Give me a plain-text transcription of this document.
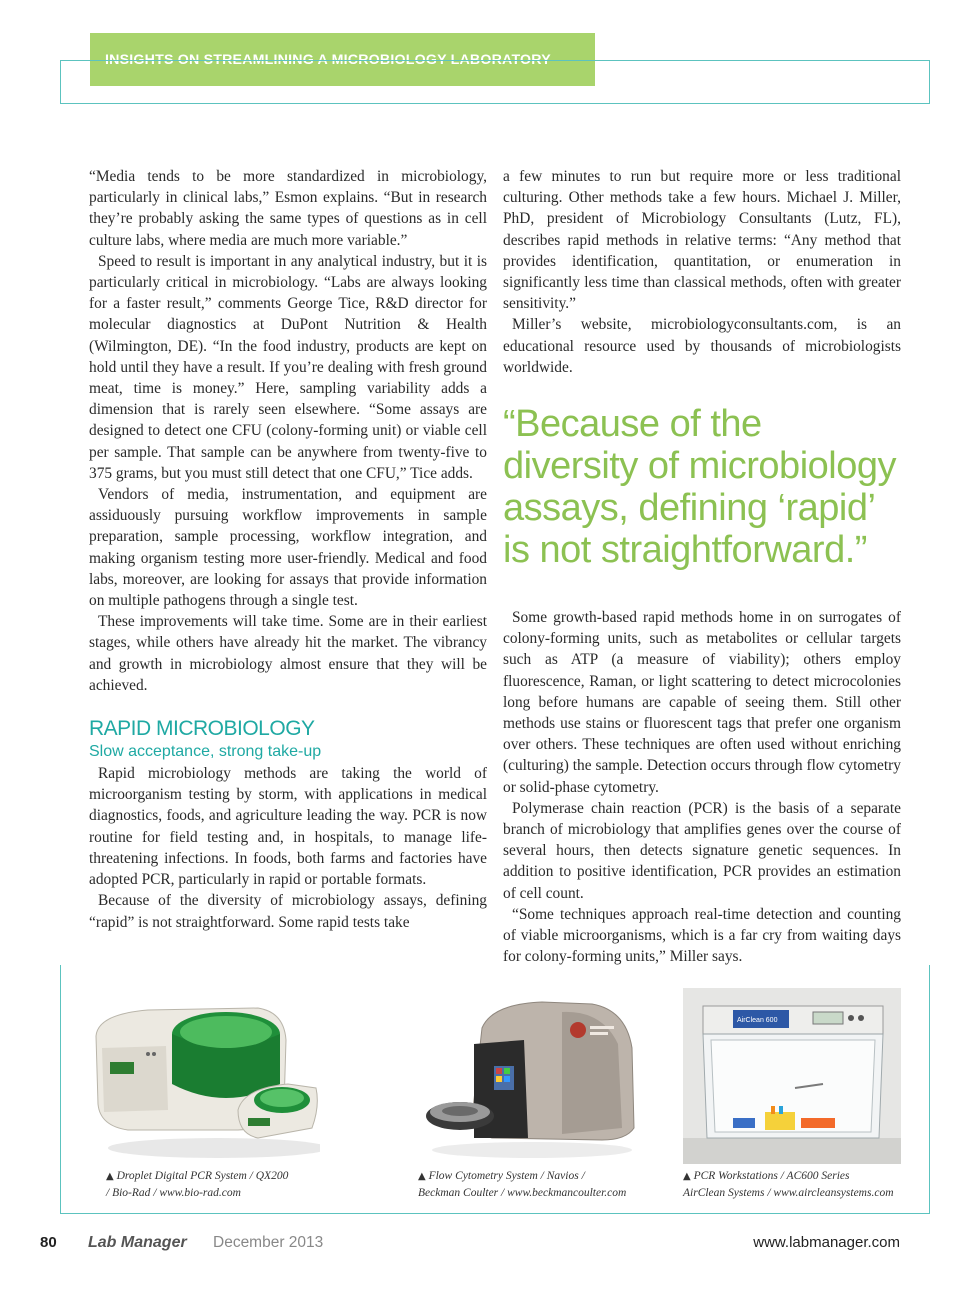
INSIGHTS ON STREAMLINING A MICROBIOLOGY LABORATORY

“Media tends to be more standardized in microbiology, particularly in clinical labs,” Esmon explains. “But in research they’re probably asking the same types of questions as in cell culture labs, where media are much more variable.”

Speed to result is important in any analytical industry, but it is particularly critical in microbiology. “Labs are always looking for a faster result,” comments George Tice, R&D director for molecular diagnostics at DuPont Nutrition & Health (Wilmington, DE). “In the food industry, products are kept on hold until they have a result. If you’re dealing with fresh ground meat, time is money.” Here, sampling variability adds a dimension that is rarely seen elsewhere. “Some assays are designed to detect one CFU (colony-forming unit) or viable cell per sample. That sample can be anywhere from twenty-five to 375 grams, but you must still detect that one CFU,” Tice adds.

Vendors of media, instrumentation, and equipment are assiduously pursuing workflow improvements in sample preparation, sample processing, workflow integration, and making organism testing more user-friendly. Medical and food labs, moreover, are looking for assays that provide information on multiple pathogens through a single test.

These improvements will take time. Some are in their earliest stages, while others have already hit the market. The vibrancy and growth in microbiology almost ensure that they will be achieved.

RAPID MICROBIOLOGY
Slow acceptance, strong take-up

Rapid microbiology methods are taking the world of microorganism testing by storm, with applications in medical diagnostics, foods, and agriculture leading the way. PCR is now routine for field testing and, in hospitals, to manage life-threatening infections. In foods, both farms and factories have adopted PCR, particularly in rapid or portable formats.

Because of the diversity of microbiology assays, defining “rapid” is not straightforward. Some rapid tests take

a few minutes to run but require more or less traditional culturing. Other methods take a few hours. Michael J. Miller, PhD, president of Microbiology Consultants (Lutz, FL), describes rapid methods in relative terms: “Any method that provides identification, quantitation, or enumeration in significantly less time than classical methods, often with greater sensitivity.”

Miller’s website, microbiologyconsultants.com, is an educational resource used by thousands of microbiologists worldwide.

“Because of the diversity of microbiology assays, defining ‘rapid’ is not straightforward.”

Some growth-based rapid methods home in on surrogates of colony-forming units, such as metabolites or cellular targets such as ATP (a measure of viability); others employ fluorescence, Raman, or light scattering to detect microcolonies long before humans are capable of seeing them. Still other methods use stains or fluorescent tags that prefer one organism over others. These techniques are often used without enriching (culturing) the sample. Detection occurs through flow cytometry or solid-phase cytometry.

Polymerase chain reaction (PCR) is the basis of a separate branch of microbiology that amplifies genes over the course of several hours, then detects signature genetic sequences. In addition to positive identification, PCR provides an estimation of cell count.

“Some techniques approach real-time detection and counting of viable microorganisms, which is a far cry from waiting days for colony-forming units,” Miller says.

AirClean 600
▲ Droplet Digital PCR System / QX200
/ Bio-Rad / www.bio-rad.com
▲ Flow Cytometry System / Navios /
Beckman Coulter / www.beckmancoulter.com
▲ PCR Workstations / AC600 Series
AirClean Systems / www.aircleansystems.com
80 Lab Manager December 2013	www.labmanager.com
